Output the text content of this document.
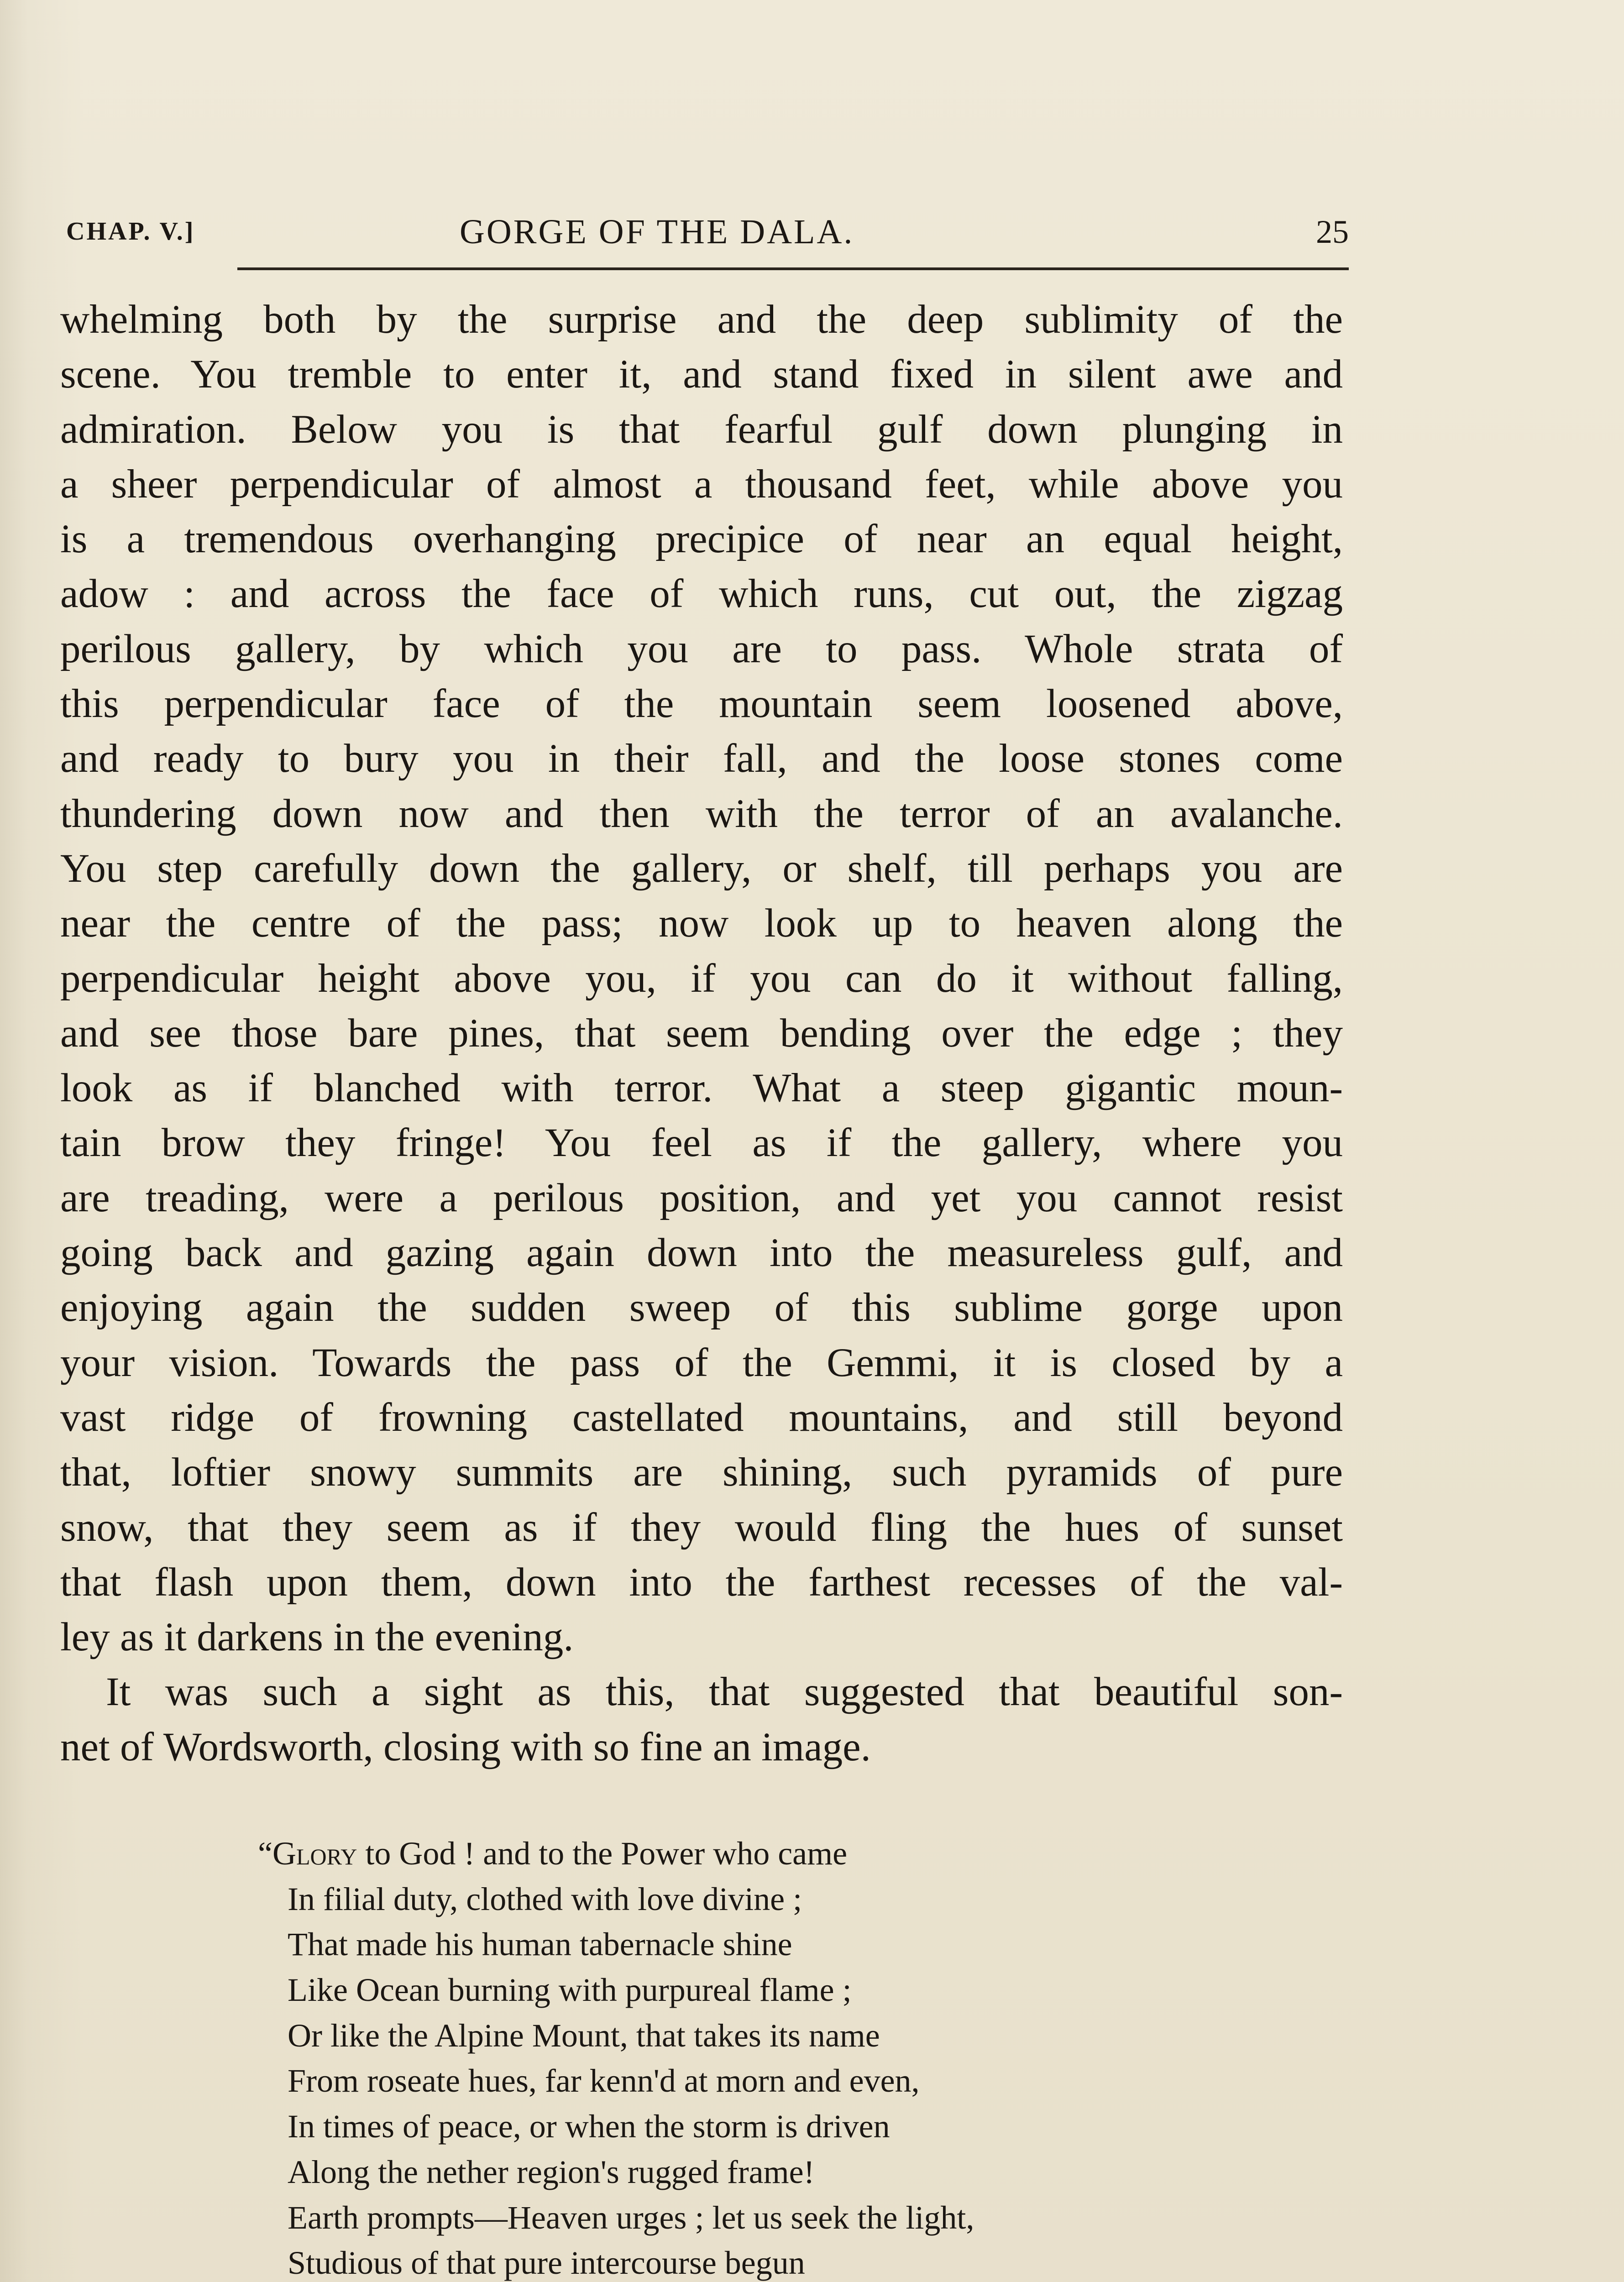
CHAP. V.]	GORGE OF THE DALA.	25
whelming both by the surprise and the deep sublimity of the
scene. You tremble to enter it, and stand fixed in silent awe and
admiration. Below you is that fearful gulf down plunging in
a sheer perpendicular of almost a thousand feet, while above you
is a tremendous overhanging precipice of near an equal height,
adow : and across the face of which runs, cut out, the zigzag
perilous gallery, by which you are to pass. Whole strata of
this perpendicular face of the mountain seem loosened above,
and ready to bury you in their fall, and the loose stones come
thundering down now and then with the terror of an avalanche.
You step carefully down the gallery, or shelf, till perhaps you are
near the centre of the pass; now look up to heaven along the
perpendicular height above you, if you can do it without falling,
and see those bare pines, that seem bending over the edge ; they
look as if blanched with terror. What a steep gigantic moun-
tain brow they fringe! You feel as if the gallery, where you
are treading, were a perilous position, and yet you cannot resist
going back and gazing again down into the measureless gulf, and
enjoying again the sudden sweep of this sublime gorge upon
your vision. Towards the pass of the Gemmi, it is closed by a
vast ridge of frowning castellated mountains, and still beyond
that, loftier snowy summits are shining, such pyramids of pure
snow, that they seem as if they would fling the hues of sunset
that flash upon them, down into the farthest recesses of the val-
ley as it darkens in the evening.
It was such a sight as this, that suggested that beautiful son-
net of Wordsworth, closing with so fine an image.
“Glory to God ! and to the Power who came
In filial duty, clothed with love divine ;
That made his human tabernacle shine
Like Ocean burning with purpureal flame ;
Or like the Alpine Mount, that takes its name
From roseate hues, far kenn'd at morn and even,
In times of peace, or when the storm is driven
Along the nether region's rugged frame!
Earth prompts—Heaven urges ; let us seek the light,
Studious of that pure intercourse begun
